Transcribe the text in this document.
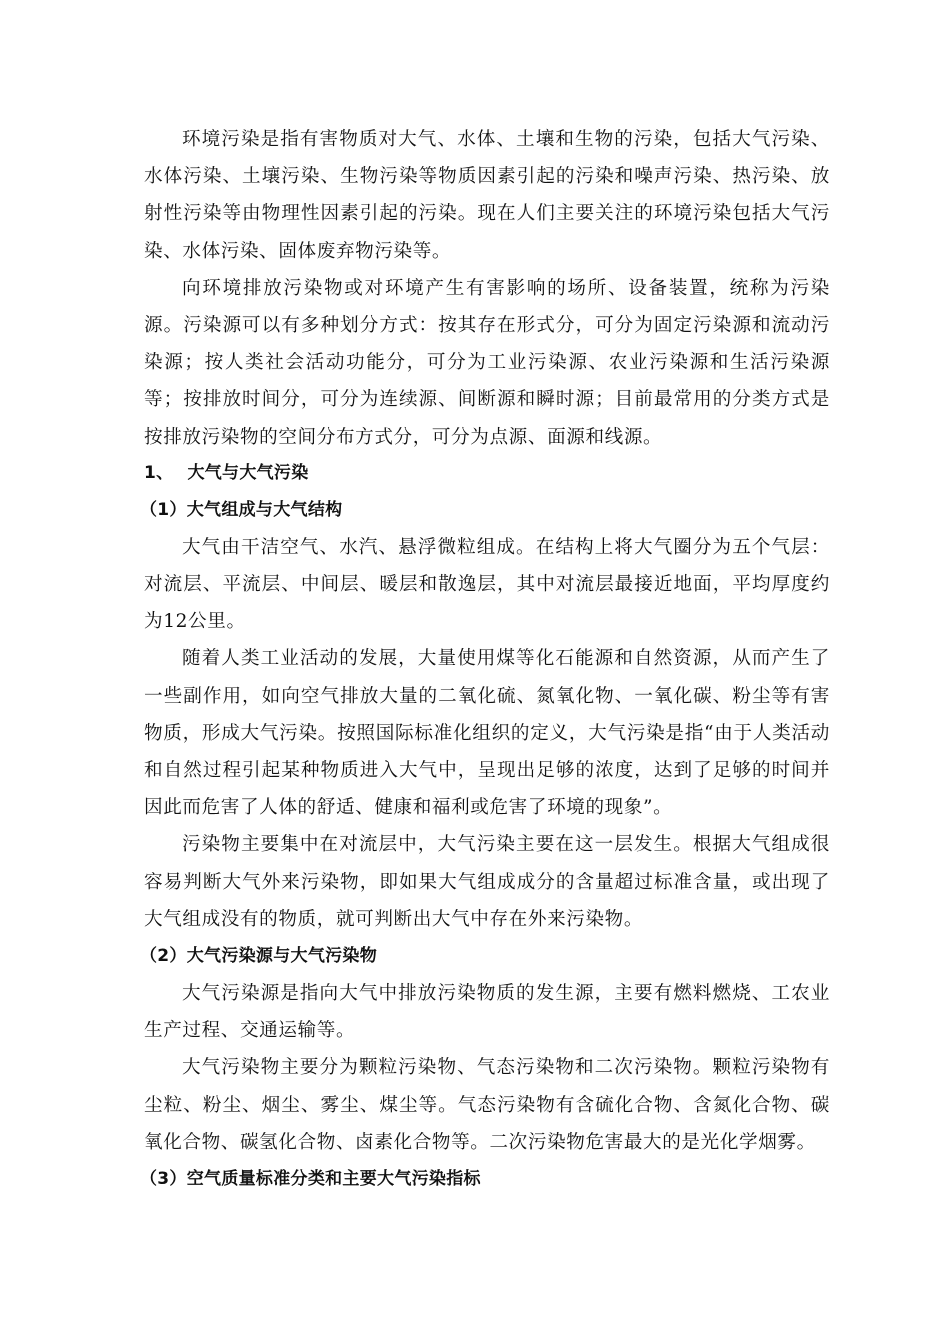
环境污染是指有害物质对大气、水体、土壤和生物的污染，包括大气污染、水体污染、土壤污染、生物污染等物质因素引起的污染和噪声污染、热污染、放射性污染等由物理性因素引起的污染。现在人们主要关注的环境污染包括大气污染、水体污染、固体废弃物污染等。

向环境排放污染物或对环境产生有害影响的场所、设备装置，统称为污染源。污染源可以有多种划分方式：按其存在形式分，可分为固定污染源和流动污染源；按人类社会活动功能分，可分为工业污染源、农业污染源和生活污染源等；按排放时间分，可分为连续源、间断源和瞬时源；目前最常用的分类方式是按排放污染物的空间分布方式分，可分为点源、面源和线源。

1、 大气与大气污染
（1）大气组成与大气结构

大气由干洁空气、水汽、悬浮微粒组成。在结构上将大气圈分为五个气层：对流层、平流层、中间层、暖层和散逸层，其中对流层最接近地面，平均厚度约为12公里。

随着人类工业活动的发展，大量使用煤等化石能源和自然资源，从而产生了一些副作用，如向空气排放大量的二氧化硫、氮氧化物、一氧化碳、粉尘等有害物质，形成大气污染。按照国际标准化组织的定义，大气污染是指“由于人类活动和自然过程引起某种物质进入大气中，呈现出足够的浓度，达到了足够的时间并因此而危害了人体的舒适、健康和福利或危害了环境的现象”。

污染物主要集中在对流层中，大气污染主要在这一层发生。根据大气组成很容易判断大气外来污染物，即如果大气组成成分的含量超过标准含量，或出现了大气组成没有的物质，就可判断出大气中存在外来污染物。

（2）大气污染源与大气污染物

大气污染源是指向大气中排放污染物质的发生源，主要有燃料燃烧、工农业生产过程、交通运输等。

大气污染物主要分为颗粒污染物、气态污染物和二次污染物。颗粒污染物有尘粒、粉尘、烟尘、雾尘、煤尘等。气态污染物有含硫化合物、含氮化合物、碳氧化合物、碳氢化合物、卤素化合物等。二次污染物危害最大的是光化学烟雾。

（3）空气质量标准分类和主要大气污染指标
